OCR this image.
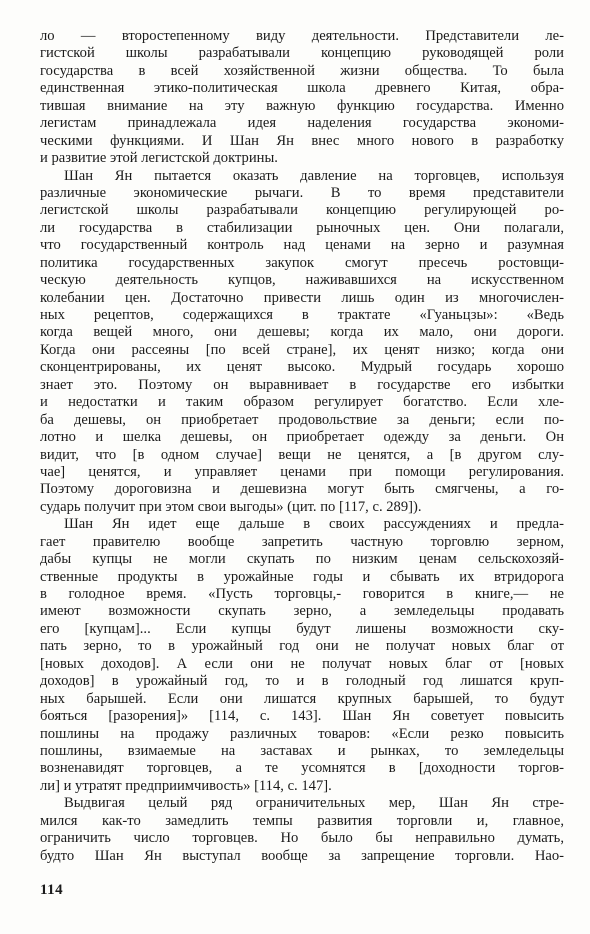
ло — второстепенному виду деятельности. Представители ле-
гистской школы разрабатывали концепцию руководящей роли
государства в всей хозяйственной жизни общества. То была
единственная этико-политическая школа древнего Китая, обра-
тившая внимание на эту важную функцию государства. Именно
легистам принадлежала идея наделения государства экономи-
ческими функциями. И Шан Ян внес много нового в разработку
и развитие этой легистской доктрины.
Шан Ян пытается оказать давление на торговцев, используя
различные экономические рычаги. В то время представители
легистской школы разрабатывали концепцию регулирующей ро-
ли государства в стабилизации рыночных цен. Они полагали,
что государственный контроль над ценами на зерно и разумная
политика государственных закупок смогут пресечь ростовщи-
ческую деятельность купцов, наживавшихся на искусственном
колебании цен. Достаточно привести лишь один из многочислен-
ных рецептов, содержащихся в трактате «Гуаньцзы»: «Ведь
когда вещей много, они дешевы; когда их мало, они дороги.
Когда они рассеяны [по всей стране], их ценят низко; когда они
сконцентрированы, их ценят высоко. Мудрый государь хорошо
знает это. Поэтому он выравнивает в государстве его избытки
и недостатки и таким образом регулирует богатство. Если хле-
ба дешевы, он приобретает продовольствие за деньги; если по-
лотно и шелка дешевы, он приобретает одежду за деньги. Он
видит, что [в одном случае] вещи не ценятся, а [в другом слу-
чае] ценятся, и управляет ценами при помощи регулирования.
Поэтому дороговизна и дешевизна могут быть смягчены, а го-
сударь получит при этом свои выгоды» (цит. по [117, с. 289]).
Шан Ян идет еще дальше в своих рассуждениях и предла-
гает правителю вообще запретить частную торговлю зерном,
дабы купцы не могли скупать по низким ценам сельскохозяй-
ственные продукты в урожайные годы и сбывать их втридорога
в голодное время. «Пусть торговцы,- говорится в книге,— не
имеют возможности скупать зерно, а земледельцы продавать
его [купцам]... Если купцы будут лишены возможности ску-
пать зерно, то в урожайный год они не получат новых благ от
[новых доходов]. А если они не получат новых благ от [новых
доходов] в урожайный год, то и в голодный год лишатся круп-
ных барышей. Если они лишатся крупных барышей, то будут
бояться [разорения]» [114, с. 143]. Шан Ян советует повысить
пошлины на продажу различных товаров: «Если резко повысить
пошлины, взимаемые на заставах и рынках, то земледельцы
возненавидят торговцев, а те усомнятся в [доходности торгов-
ли] и утратят предприимчивость» [114, с. 147].
Выдвигая целый ряд ограничительных мер, Шан Ян стре-
мился как-то замедлить темпы развития торговли и, главное,
ограничить число торговцев. Но было бы неправильно думать,
будто Шан Ян выступал вообще за запрещение торговли. Нао-
114
